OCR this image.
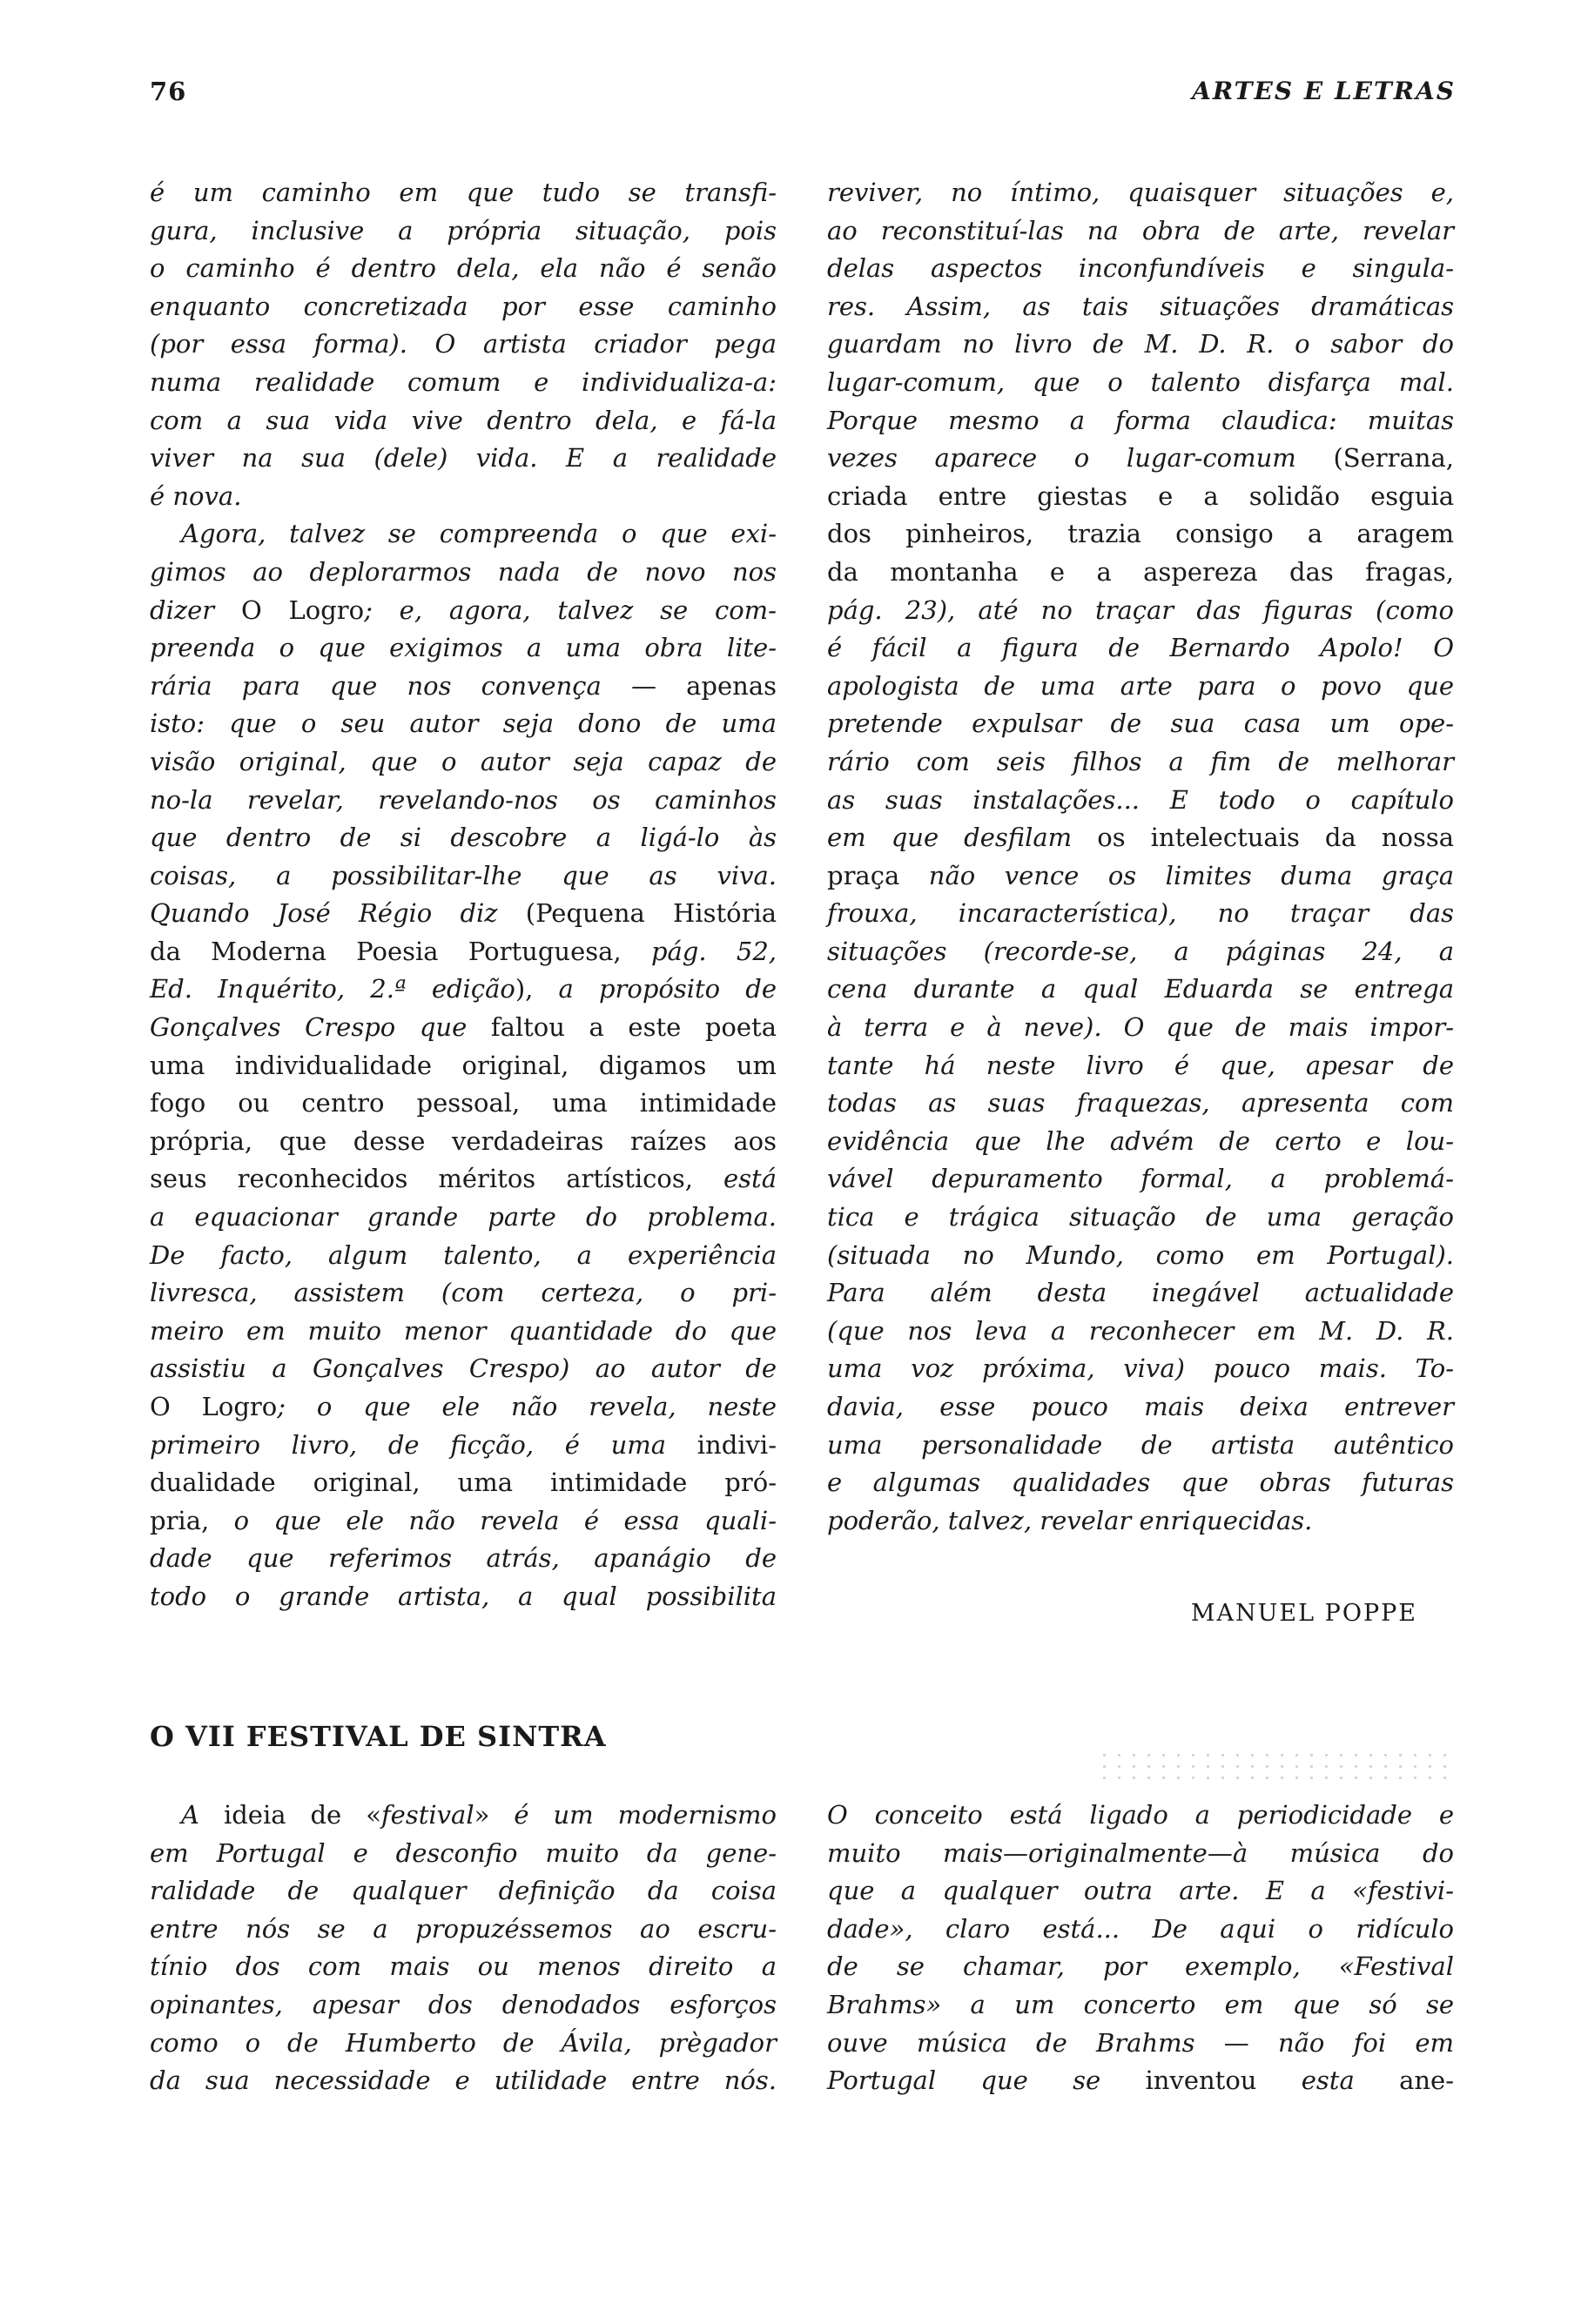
76	ARTES E LETRAS
é um caminho em que tudo se transfi-
gura, inclusive a própria situação, pois
o caminho é dentro dela, ela não é senão
enquanto concretizada por esse caminho
(por essa forma). O artista criador pega
numa realidade comum e individualiza-a:
com a sua vida vive dentro dela, e fá-la
viver na sua (dele) vida. E a realidade
é nova.
Agora, talvez se compreenda o que exi-
gimos ao deplorarmos nada de novo nos
dizer O Logro; e, agora, talvez se com-
preenda o que exigimos a uma obra lite-
rária para que nos convença — apenas
isto: que o seu autor seja dono de uma
visão original, que o autor seja capaz de
no-la revelar, revelando-nos os caminhos
que dentro de si descobre a ligá-lo às
coisas, a possibilitar-lhe que as viva.
Quando José Régio diz (Pequena História
da Moderna Poesia Portuguesa, pág. 52,
Ed. Inquérito, 2.ª edição), a propósito de
Gonçalves Crespo que faltou a este poeta
uma individualidade original, digamos um
fogo ou centro pessoal, uma intimidade
própria, que desse verdadeiras raízes aos
seus reconhecidos méritos artísticos, está
a equacionar grande parte do problema.
De facto, algum talento, a experiência
livresca, assistem (com certeza, o pri-
meiro em muito menor quantidade do que
assistiu a Gonçalves Crespo) ao autor de
O Logro; o que ele não revela, neste
primeiro livro, de ficção, é uma indivi-
dualidade original, uma intimidade pró-
pria, o que ele não revela é essa quali-
dade que referimos atrás, apanágio de
todo o grande artista, a qual possibilita
reviver, no íntimo, quaisquer situações e,
ao reconstituí-las na obra de arte, revelar
delas aspectos inconfundíveis e singula-
res. Assim, as tais situações dramáticas
guardam no livro de M. D. R. o sabor do
lugar-comum, que o talento disfarça mal.
Porque mesmo a forma claudica: muitas
vezes aparece o lugar-comum (Serrana,
criada entre giestas e a solidão esguia
dos pinheiros, trazia consigo a aragem
da montanha e a aspereza das fragas,
pág. 23), até no traçar das figuras (como
é fácil a figura de Bernardo Apolo! O
apologista de uma arte para o povo que
pretende expulsar de sua casa um ope-
rário com seis filhos a fim de melhorar
as suas instalações... E todo o capítulo
em que desfilam os intelectuais da nossa
praça não vence os limites duma graça
frouxa, incaracterística), no traçar das
situações (recorde-se, a páginas 24, a
cena durante a qual Eduarda se entrega
à terra e à neve). O que de mais impor-
tante há neste livro é que, apesar de
todas as suas fraquezas, apresenta com
evidência que lhe advém de certo e lou-
vável depuramento formal, a problemá-
tica e trágica situação de uma geração
(situada no Mundo, como em Portugal).
Para além desta inegável actualidade
(que nos leva a reconhecer em M. D. R.
uma voz próxima, viva) pouco mais. To-
davia, esse pouco mais deixa entrever
uma personalidade de artista autêntico
e algumas qualidades que obras futuras
poderão, talvez, revelar enriquecidas.
MANUEL POPPE
O VII FESTIVAL DE SINTRA
A ideia de «festival» é um modernismo
em Portugal e desconfio muito da gene-
ralidade de qualquer definição da coisa
entre nós se a propuzéssemos ao escru-
tínio dos com mais ou menos direito a
opinantes, apesar dos denodados esforços
como o de Humberto de Ávila, prègador
da sua necessidade e utilidade entre nós.
O conceito está ligado a periodicidade e
muito mais—originalmente—à música do
que a qualquer outra arte. E a «festivi-
dade», claro está... De aqui o ridículo
de se chamar, por exemplo, «Festival
Brahms» a um concerto em que só se
ouve música de Brahms — não foi em
Portugal que se inventou esta ane-
